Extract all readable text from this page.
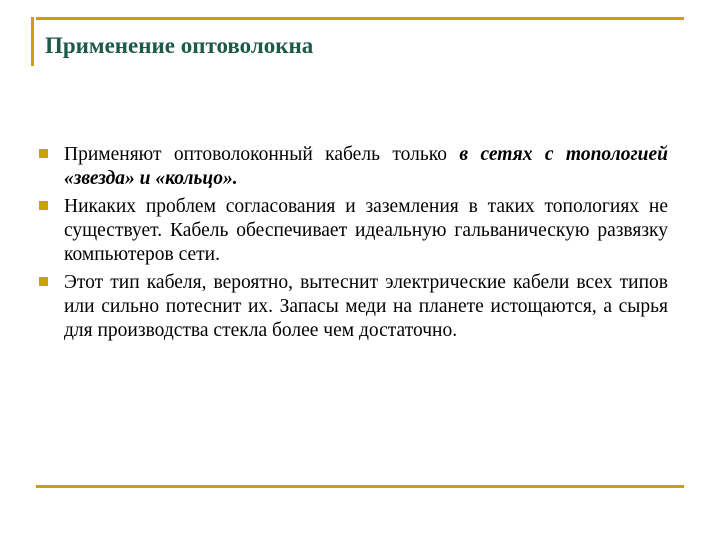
Применение оптоволокна
Применяют оптоволоконный кабель только в сетях с топологией «звезда» и «кольцо».
Никаких проблем согласования и заземления в таких топологиях не существует. Кабель обеспечивает идеальную гальваническую развязку компьютеров сети.
Этот тип кабеля, вероятно, вытеснит электрические кабели всех типов или сильно потеснит их. Запасы меди на планете истощаются, а сырья для производства стекла более чем достаточно.
